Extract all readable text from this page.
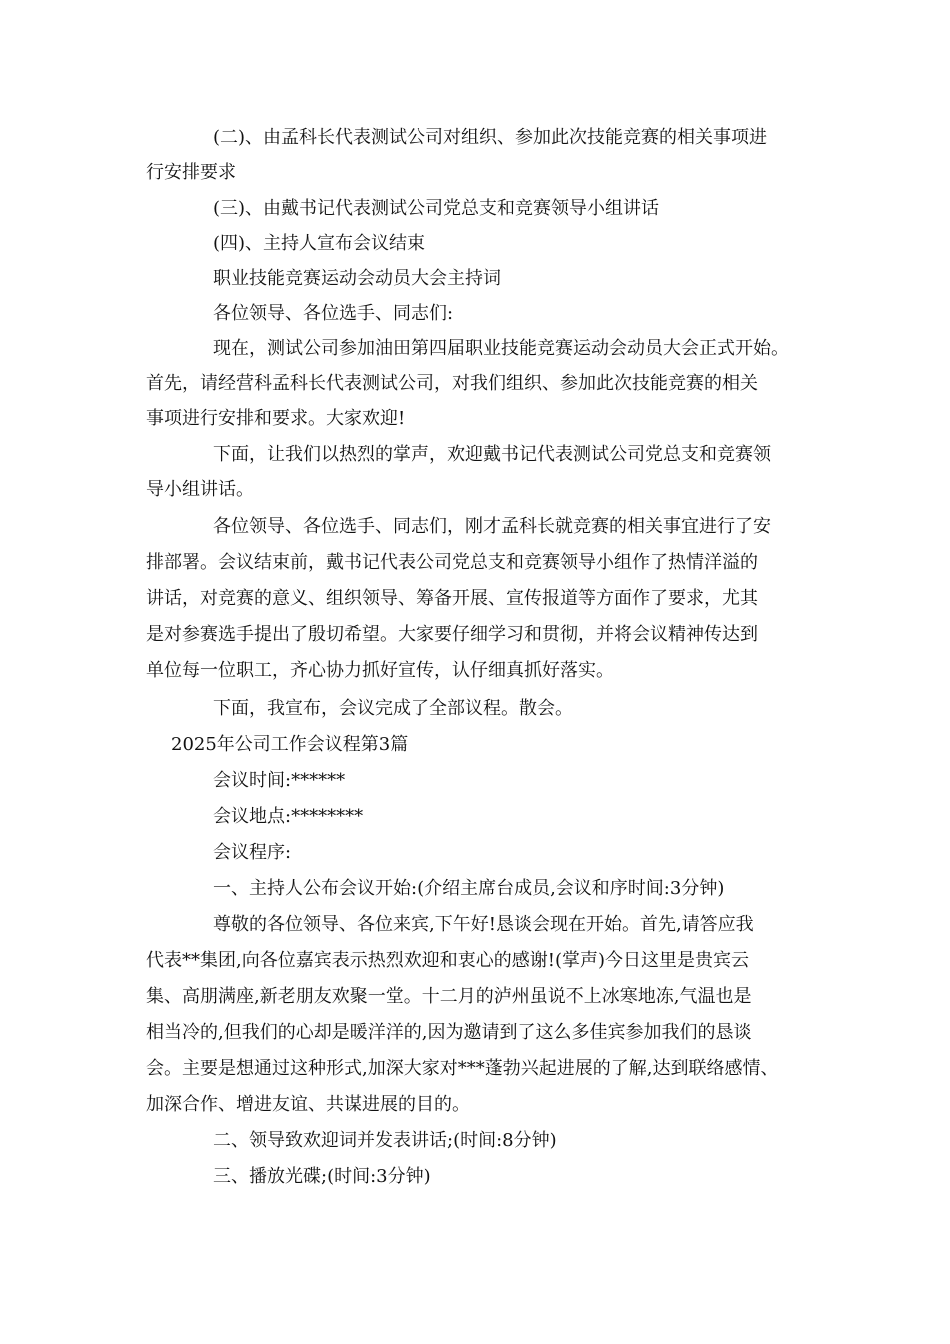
(二)、由孟科长代表测试公司对组织、参加此次技能竞赛的相关事项进

行安排要求

(三)、由戴书记代表测试公司党总支和竞赛领导小组讲话

(四)、主持人宣布会议结束

职业技能竞赛运动会动员大会主持词

各位领导、各位选手、同志们:

现在，测试公司参加油田第四届职业技能竞赛运动会动员大会正式开始。

首先，请经营科孟科长代表测试公司，对我们组织、参加此次技能竞赛的相关

事项进行安排和要求。大家欢迎!

下面，让我们以热烈的掌声，欢迎戴书记代表测试公司党总支和竞赛领

导小组讲话。

各位领导、各位选手、同志们，刚才孟科长就竞赛的相关事宜进行了安

排部署。会议结束前，戴书记代表公司党总支和竞赛领导小组作了热情洋溢的

讲话，对竞赛的意义、组织领导、筹备开展、宣传报道等方面作了要求，尤其

是对参赛选手提出了殷切希望。大家要仔细学习和贯彻，并将会议精神传达到

单位每一位职工，齐心协力抓好宣传，认仔细真抓好落实。

下面，我宣布，会议完成了全部议程。散会。

2025年公司工作会议程第3篇

会议时间:******

会议地点:********

会议程序:

一、主持人公布会议开始:(介绍主席台成员,会议和序时间:3分钟)

尊敬的各位领导、各位来宾,下午好!恳谈会现在开始。首先,请答应我

代表**集团,向各位嘉宾表示热烈欢迎和衷心的感谢!(掌声)今日这里是贵宾云

集、高朋满座,新老朋友欢聚一堂。十二月的泸州虽说不上冰寒地冻,气温也是

相当冷的,但我们的心却是暖洋洋的,因为邀请到了这么多佳宾参加我们的恳谈

会。主要是想通过这种形式,加深大家对***蓬勃兴起进展的了解,达到联络感情、

加深合作、增进友谊、共谋进展的目的。

二、领导致欢迎词并发表讲话;(时间:8分钟)

三、播放光碟;(时间:3分钟)
